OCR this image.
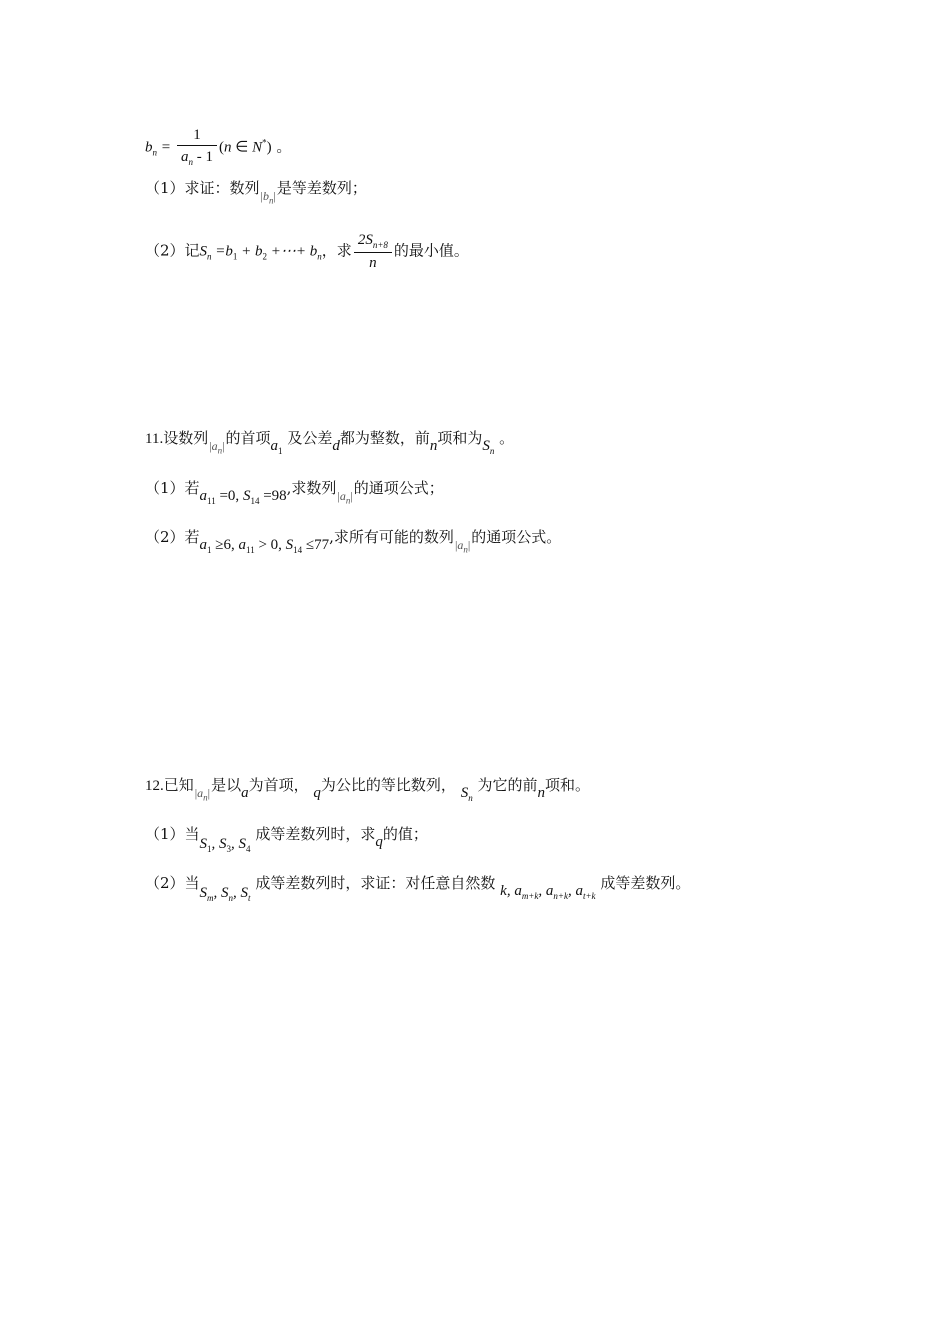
$b_n = \frac{1}{a_n - 1} (n$ ∈ N*) 。
（1）求证：数列$|b_n|$是等差数列；
（2）记$S_n =b_1 + b_2$ +⋯+ $b_n$，求 $\frac{2S_{n+8}}{n}$ 的最小值。
11.设数列$|a_n|$的首项$a_1$ 及公差d都为整数，前n项和为$S_n$ 。
（1）若$a_{11} =0$, $S_{14} =98$,求数列$|a_n|$的通项公式；
（2）若$a_1 \ge 6$, $a_{11} > 0$, $S_{14} \le 77$,求所有可能的数列$|a_n|$的通项公式。
12.已知$|a_n|$是以a为首项， q为公比的等比数列， $S_n$ 为它的前n项和。
（1）当$S_1$, $S_3$, $S_4$ 成等差数列时，求q的值；
（2）当$S_m$, $S_n$, $S_t$ 成等差数列时，求证：对任意自然数 k, $a_{m+k}$, $a_{n+k}$, $a_{t+k}$ 成等差数列。
